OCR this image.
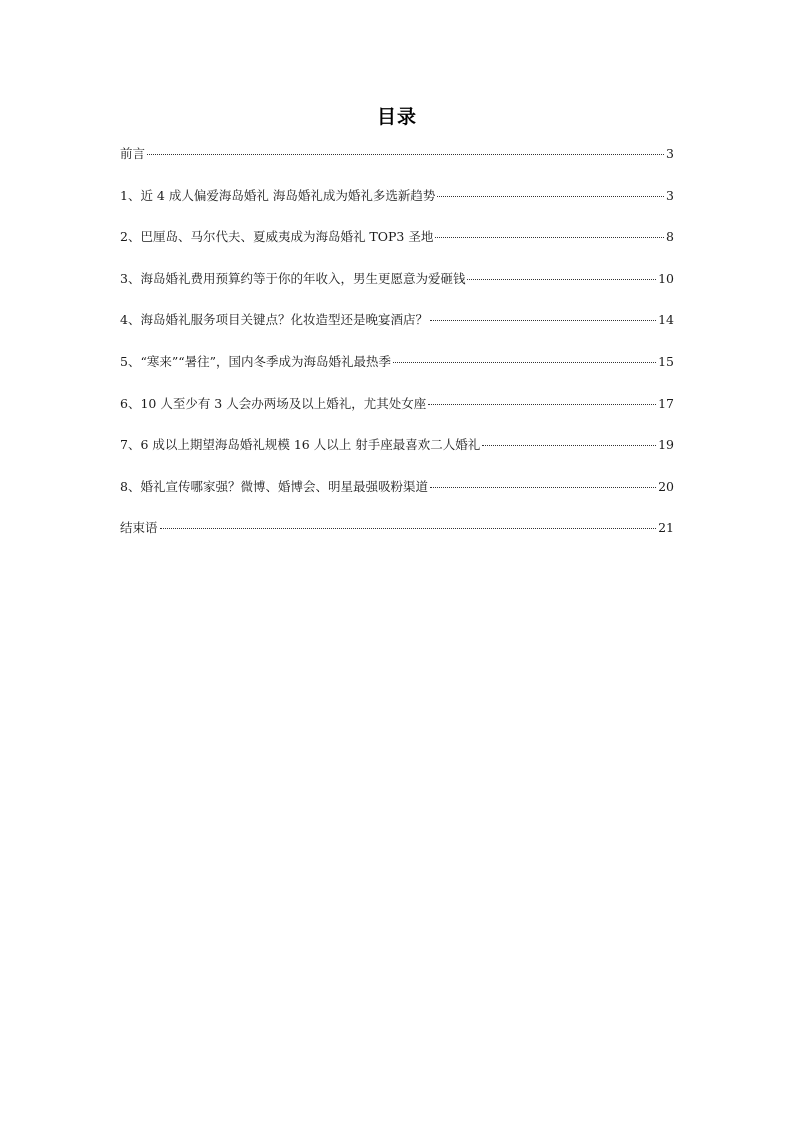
目录
前言	3
1、近 4 成人偏爱海岛婚礼 海岛婚礼成为婚礼多选新趋势	3
2、巴厘岛、马尔代夫、夏威夷成为海岛婚礼 TOP3 圣地	8
3、海岛婚礼费用预算约等于你的年收入，男生更愿意为爱砸钱	10
4、海岛婚礼服务项目关键点？化妆造型还是晚宴酒店？	14
5、“寒来”“暑往”，国内冬季成为海岛婚礼最热季	15
6、10 人至少有 3 人会办两场及以上婚礼，尤其处女座	17
7、6 成以上期望海岛婚礼规模 16 人以上 射手座最喜欢二人婚礼	19
8、婚礼宣传哪家强？微博、婚博会、明星最强吸粉渠道	20
结束语	21
